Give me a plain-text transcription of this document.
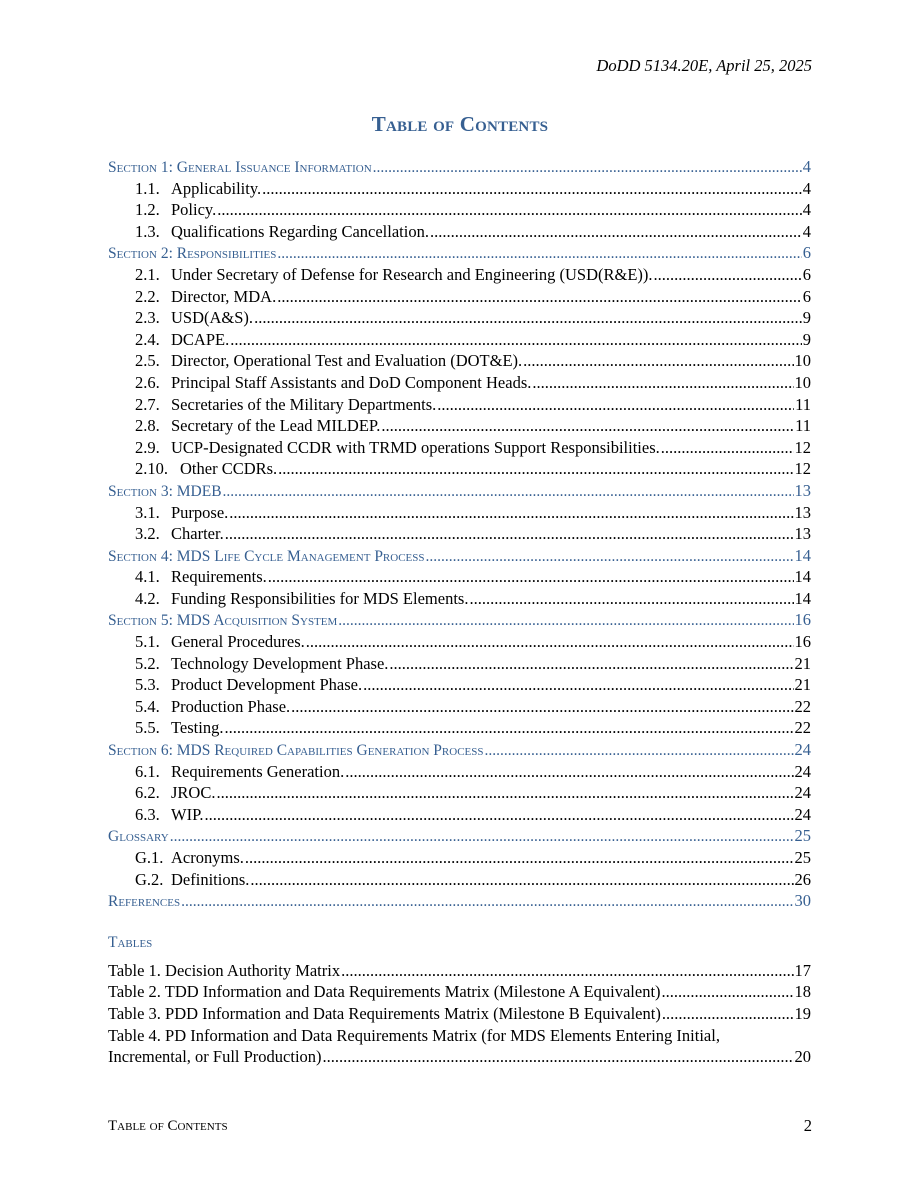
DoDD 5134.20E, April 25, 2025
Table of Contents
Section 1: General Issuance Information .....	4
1.1. Applicability. .....	4
1.2. Policy. .....	4
1.3. Qualifications Regarding Cancellation. .....	4
Section 2: Responsibilities .....	6
2.1. Under Secretary of Defense for Research and Engineering (USD(R&E)). .....	6
2.2. Director, MDA. .....	6
2.3. USD(A&S). .....	9
2.4. DCAPE. .....	9
2.5. Director, Operational Test and Evaluation (DOT&E). .....	10
2.6. Principal Staff Assistants and DoD Component Heads. .....	10
2.7. Secretaries of the Military Departments. .....	11
2.8. Secretary of the Lead MILDEP. .....	11
2.9. UCP-Designated CCDR with TRMD operations Support Responsibilities. .....	12
2.10. Other CCDRs. .....	12
Section 3: MDEB .....	13
3.1. Purpose. .....	13
3.2. Charter. .....	13
Section 4: MDS Life Cycle Management Process .....	14
4.1. Requirements. .....	14
4.2. Funding Responsibilities for MDS Elements. .....	14
Section 5: MDS Acquisition System .....	16
5.1. General Procedures. .....	16
5.2. Technology Development Phase. .....	21
5.3. Product Development Phase. .....	21
5.4. Production Phase. .....	22
5.5. Testing. .....	22
Section 6: MDS Required Capabilities Generation Process .....	24
6.1. Requirements Generation. .....	24
6.2. JROC. .....	24
6.3. WIP. .....	24
Glossary .....	25
G.1. Acronyms. .....	25
G.2. Definitions. .....	26
References .....	30
Tables
Table 1. Decision Authority Matrix .....	17
Table 2. TDD Information and Data Requirements Matrix (Milestone A Equivalent) .....	18
Table 3. PDD Information and Data Requirements Matrix (Milestone B Equivalent) .....	19
Table 4. PD Information and Data Requirements Matrix (for MDS Elements Entering Initial,
Incremental, or Full Production) .....	20
Table of Contents	2
